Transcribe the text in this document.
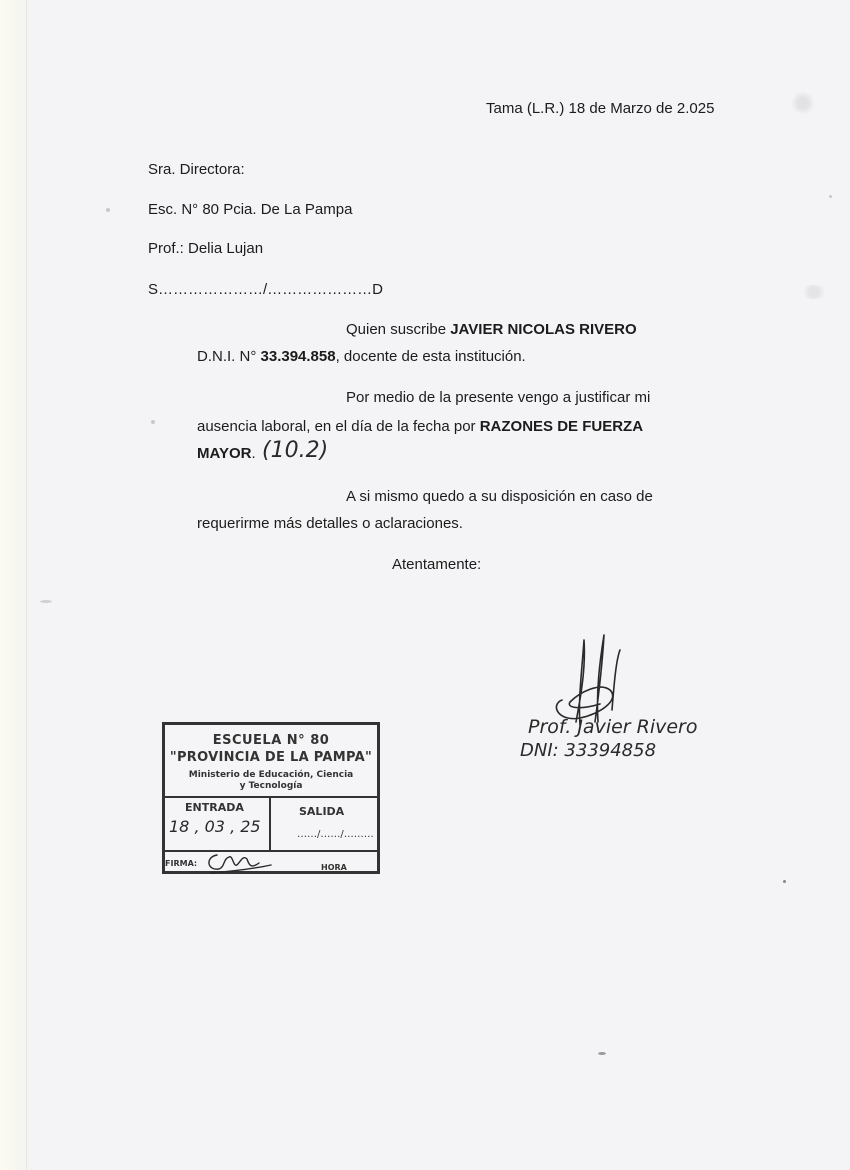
Tama (L.R.) 18 de Marzo de 2.025
Sra. Directora:
Esc. N° 80 Pcia. De La Pampa
Prof.: Delia Lujan
S…………………/…………………D
Quien suscribe JAVIER NICOLAS RIVERO
D.N.I. N° 33.394.858, docente de esta institución.
Por medio de la presente vengo a justificar mi
ausencia laboral, en el día de la fecha por RAZONES DE FUERZA
MAYOR. (10.2)
A si mismo quedo a su disposición en caso de
requerirme más detalles o aclaraciones.
Atentamente:
Prof. Javier Rivero
DNI: 33394858
ESCUELA N° 80
"PROVINCIA DE LA PAMPA"
Ministerio de Educación, Ciencia
y Tecnología
ENTRADA	SALIDA
18 , 03 , 25	……/……/………
FIRMA:	HORA
